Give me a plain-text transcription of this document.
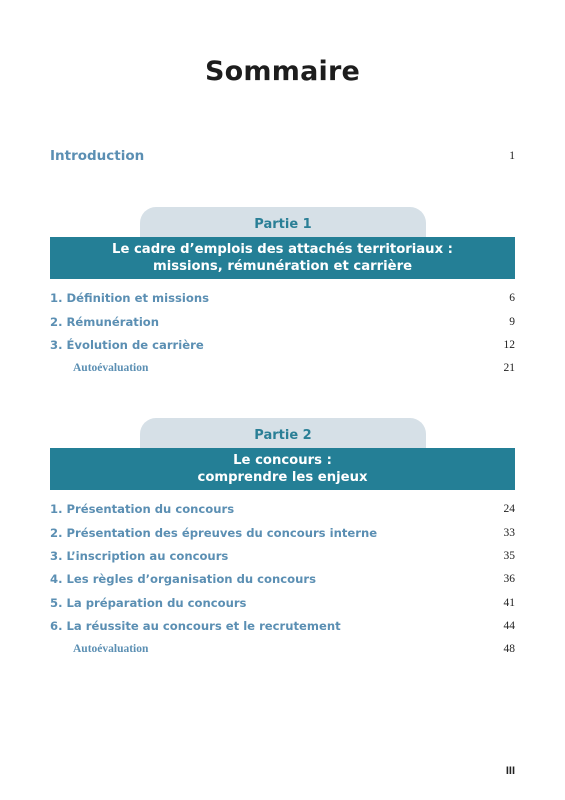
Sommaire
Introduction	1
Partie 1
Le cadre d’emplois des attachés territoriaux :
missions, rémunération et carrière
1. Définition et missions	6
2. Rémunération	9
3. Évolution de carrière	12
Autoévaluation	21
Partie 2
Le concours :
comprendre les enjeux
1. Présentation du concours	24
2. Présentation des épreuves du concours interne	33
3. L’inscription au concours	35
4. Les règles d’organisation du concours	36
5. La préparation du concours	41
6. La réussite au concours et le recrutement	44
Autoévaluation	48
III
